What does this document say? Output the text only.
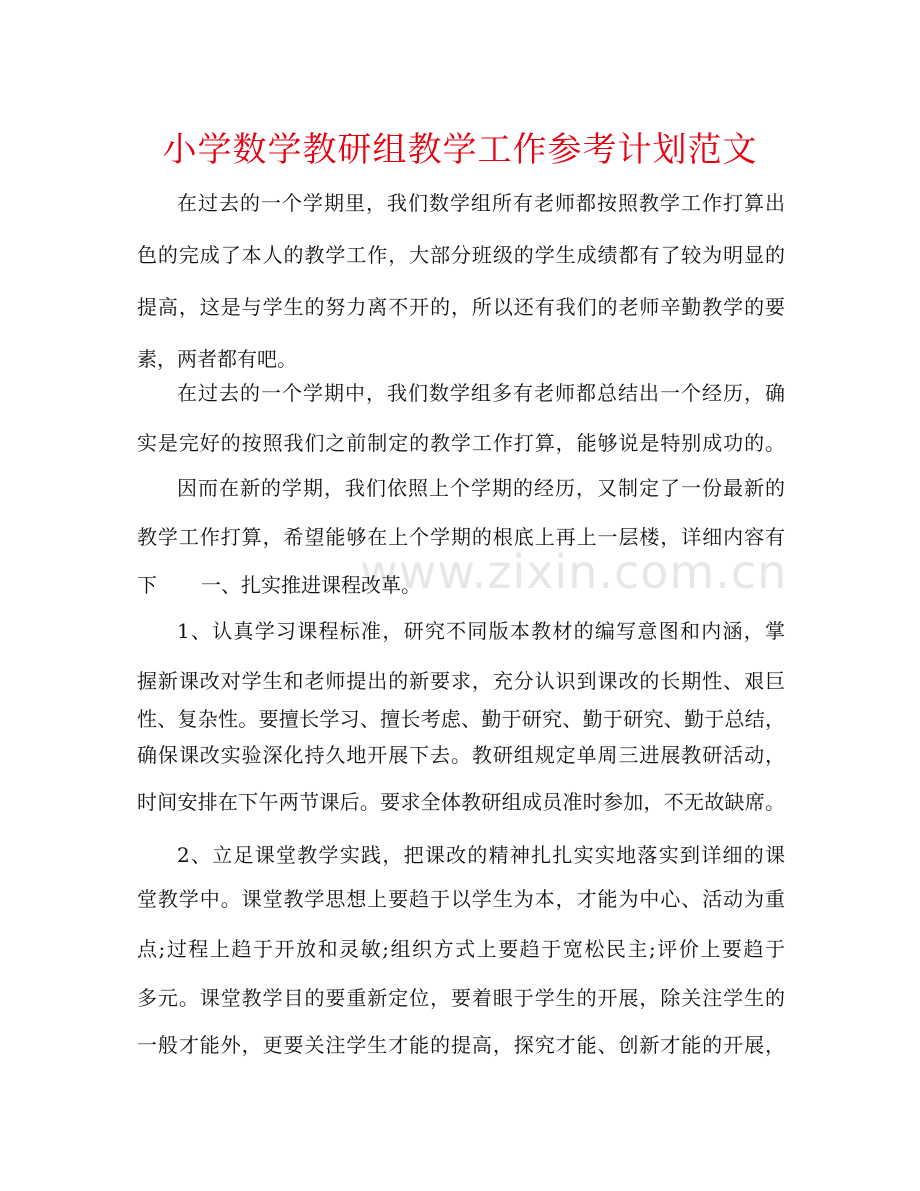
小学数学教研组教学工作参考计划范文
www.zixin.com.cn
在过去的一个学期里，我们数学组所有老师都按照教学工作打算出
色的完成了本人的教学工作，大部分班级的学生成绩都有了较为明显的
提高，这是与学生的努力离不开的，所以还有我们的老师辛勤教学的要
素，两者都有吧。
在过去的一个学期中，我们数学组多有老师都总结出一个经历，确
实是完好的按照我们之前制定的教学工作打算，能够说是特别成功的。
因而在新的学期，我们依照上个学期的经历，又制定了一份最新的
教学工作打算，希望能够在上个学期的根底上再上一层楼，详细内容有
下 一、扎实推进课程改革。
1、认真学习课程标准，研究不同版本教材的编写意图和内涵，掌
握新课改对学生和老师提出的新要求，充分认识到课改的长期性、艰巨
性、复杂性。要擅长学习、擅长考虑、勤于研究、勤于研究、勤于总结，
确保课改实验深化持久地开展下去。教研组规定单周三进展教研活动，
时间安排在下午两节课后。要求全体教研组成员准时参加，不无故缺席。
2、立足课堂教学实践，把课改的精神扎扎实实地落实到详细的课
堂教学中。课堂教学思想上要趋于以学生为本，才能为中心、活动为重
点;过程上趋于开放和灵敏;组织方式上要趋于宽松民主;评价上要趋于
多元。课堂教学目的要重新定位，要着眼于学生的开展，除关注学生的
一般才能外，更要关注学生才能的提高，探究才能、创新才能的开展，
